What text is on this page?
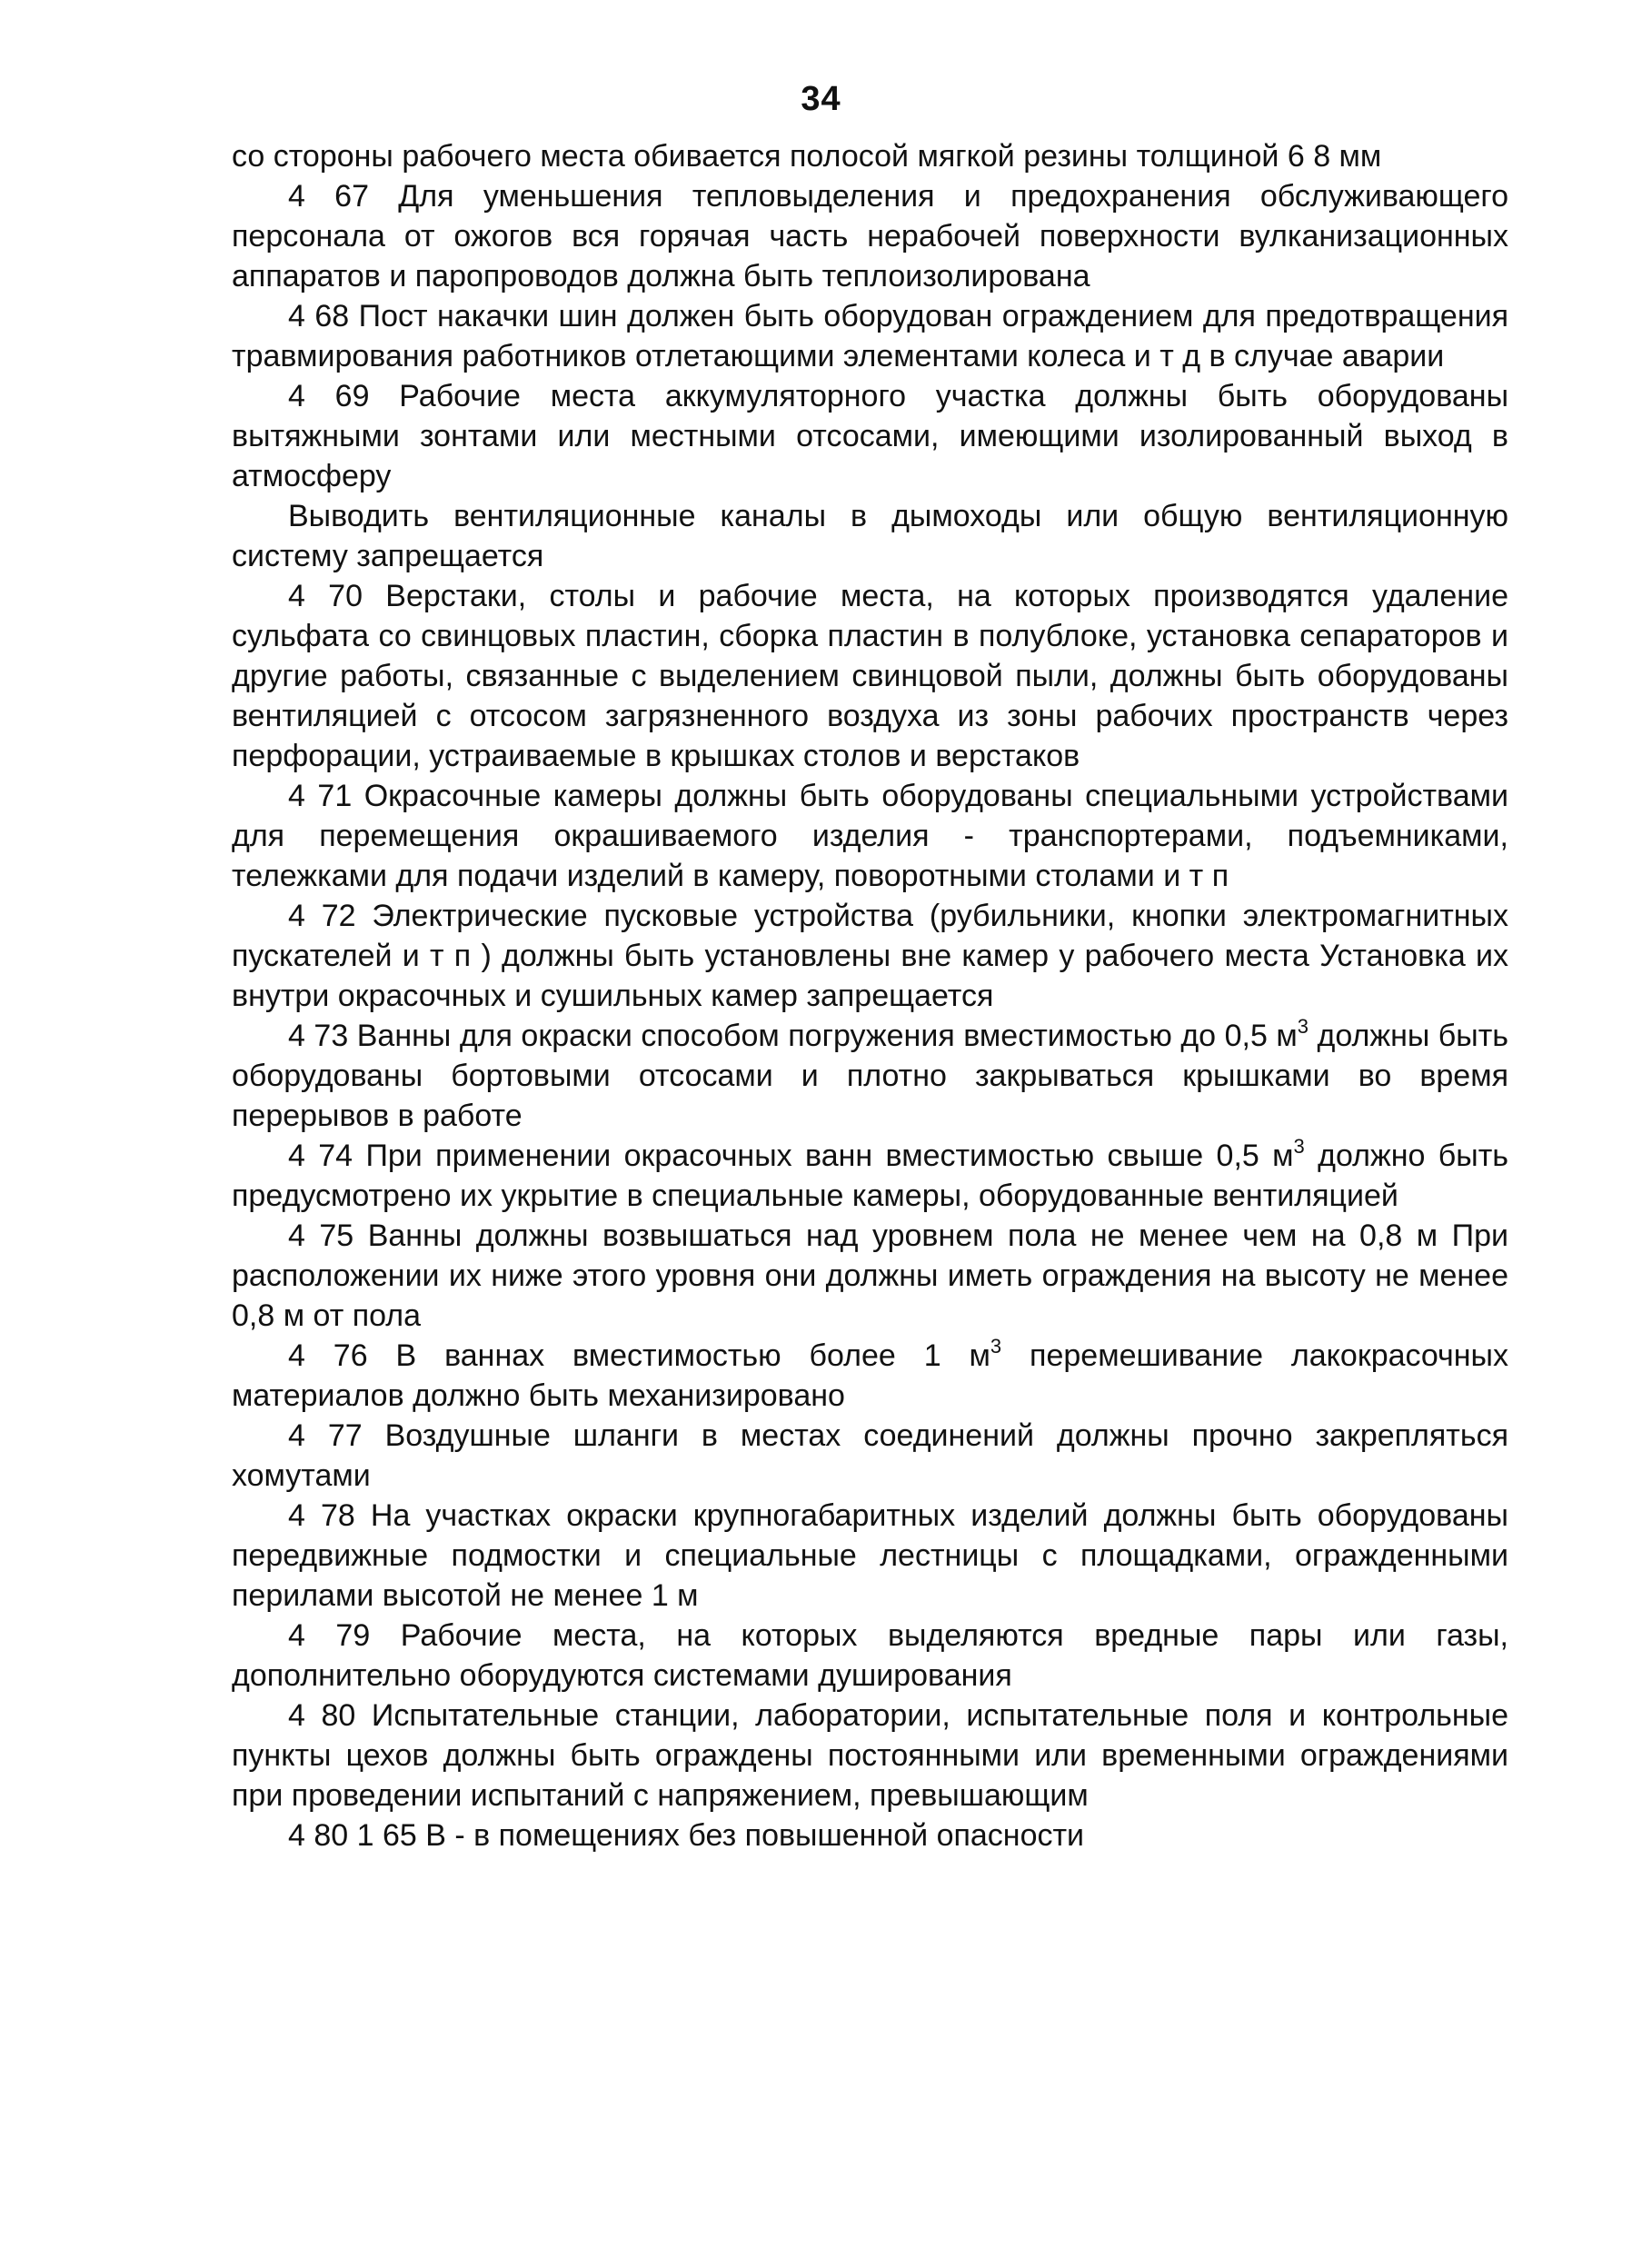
34

со стороны рабочего места обивается полосой мягкой резины толщиной 6 8 мм

4 67 Для уменьшения тепловыделения и предохранения обслуживающего персонала от ожогов вся горячая часть нерабочей поверхности вулканизационных аппаратов и паропроводов должна быть теплоизолирована

4 68 Пост накачки шин должен быть оборудован ограждением для предотвращения травмирования работников отлетающими элементами колеса и т д в случае аварии

4 69 Рабочие места аккумуляторного участка должны быть оборудованы вытяжными зонтами или местными отсосами, имеющими изолированный выход в атмосферу

Выводить вентиляционные каналы в дымоходы или общую вентиляционную систему запрещается

4 70 Верстаки, столы и рабочие места, на которых производятся удаление сульфата со свинцовых пластин, сборка пластин в полублоке, установка сепараторов и другие работы, связанные с выделением свинцовой пыли, должны быть оборудованы вентиляцией с отсосом загрязненного воздуха из зоны рабочих пространств через перфорации, устраиваемые в крышках столов и верстаков

4 71 Окрасочные камеры должны быть оборудованы специальными устройствами для перемещения окрашиваемого изделия - транспортерами, подъемниками, тележками для подачи изделий в камеру, поворотными столами и т п

4 72 Электрические пусковые устройства (рубильники, кнопки электромагнитных пускателей и т п ) должны быть установлены вне камер у рабочего места Установка их внутри окрасочных и сушильных камер запрещается

4 73 Ванны для окраски способом погружения вместимостью до 0,5 $м^3$ должны быть оборудованы бортовыми отсосами и плотно закрываться крышками во время перерывов в работе

4 74 При применении окрасочных ванн вместимостью свыше 0,5 $м^3$ должно быть предусмотрено их укрытие в специальные камеры, оборудованные вентиляцией

4 75 Ванны должны возвышаться над уровнем пола не менее чем на 0,8 м При расположении их ниже этого уровня они должны иметь ограждения на высоту не менее 0,8 м от пола

4 76 В ваннах вместимостью более 1 $м^3$ перемешивание лакокрасочных материалов должно быть механизировано

4 77 Воздушные шланги в местах соединений должны прочно закрепляться хомутами

4 78 На участках окраски крупногабаритных изделий должны быть оборудованы передвижные подмостки и специальные лестницы с площадками, огражденными перилами высотой не менее 1 м

4 79 Рабочие места, на которых выделяются вредные пары или газы, дополнительно оборудуются системами душирования

4 80 Испытательные станции, лаборатории, испытательные поля и контрольные пункты цехов должны быть ограждены постоянными или временными ограждениями при проведении испытаний с напряжением, превышающим

4 80 1 65 В - в помещениях без повышенной опасности
